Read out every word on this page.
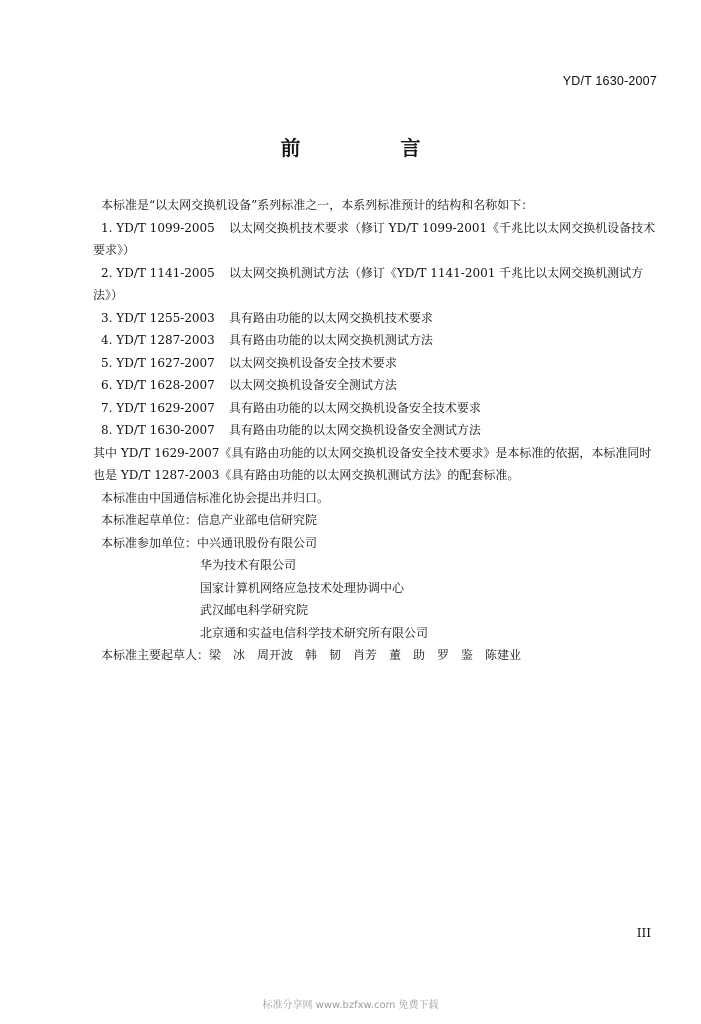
YD/T 1630-2007
前　言

本标准是“以太网交换机设备”系列标准之一，本系列标准预计的结构和名称如下：

1. YD/T 1099-2005 以太网交换机技术要求（修订 YD/T 1099-2001《千兆比以太网交换机设备技术要求》）

2. YD/T 1141-2005 以太网交换机测试方法（修订《YD/T 1141-2001 千兆比以太网交换机测试方法》）

3. YD/T 1255-2003 具有路由功能的以太网交换机技术要求

4. YD/T 1287-2003 具有路由功能的以太网交换机测试方法

5. YD/T 1627-2007 以太网交换机设备安全技术要求

6. YD/T 1628-2007 以太网交换机设备安全测试方法

7. YD/T 1629-2007 具有路由功能的以太网交换机设备安全技术要求

8. YD/T 1630-2007 具有路由功能的以太网交换机设备安全测试方法

其中 YD/T 1629-2007《具有路由功能的以太网交换机设备安全技术要求》是本标准的依据，本标准同时也是 YD/T 1287-2003《具有路由功能的以太网交换机测试方法》的配套标准。

本标准由中国通信标准化协会提出并归口。

本标准起草单位：信息产业部电信研究院

本标准参加单位：中兴通讯股份有限公司

华为技术有限公司

国家计算机网络应急技术处理协调中心

武汉邮电科学研究院

北京通和实益电信科学技术研究所有限公司

本标准主要起草人：梁　冰　周开波　韩　韧　肖芳　董　助　罗　鉴　陈建业

III
标准分享网 www.bzfxw.com 免费下载
